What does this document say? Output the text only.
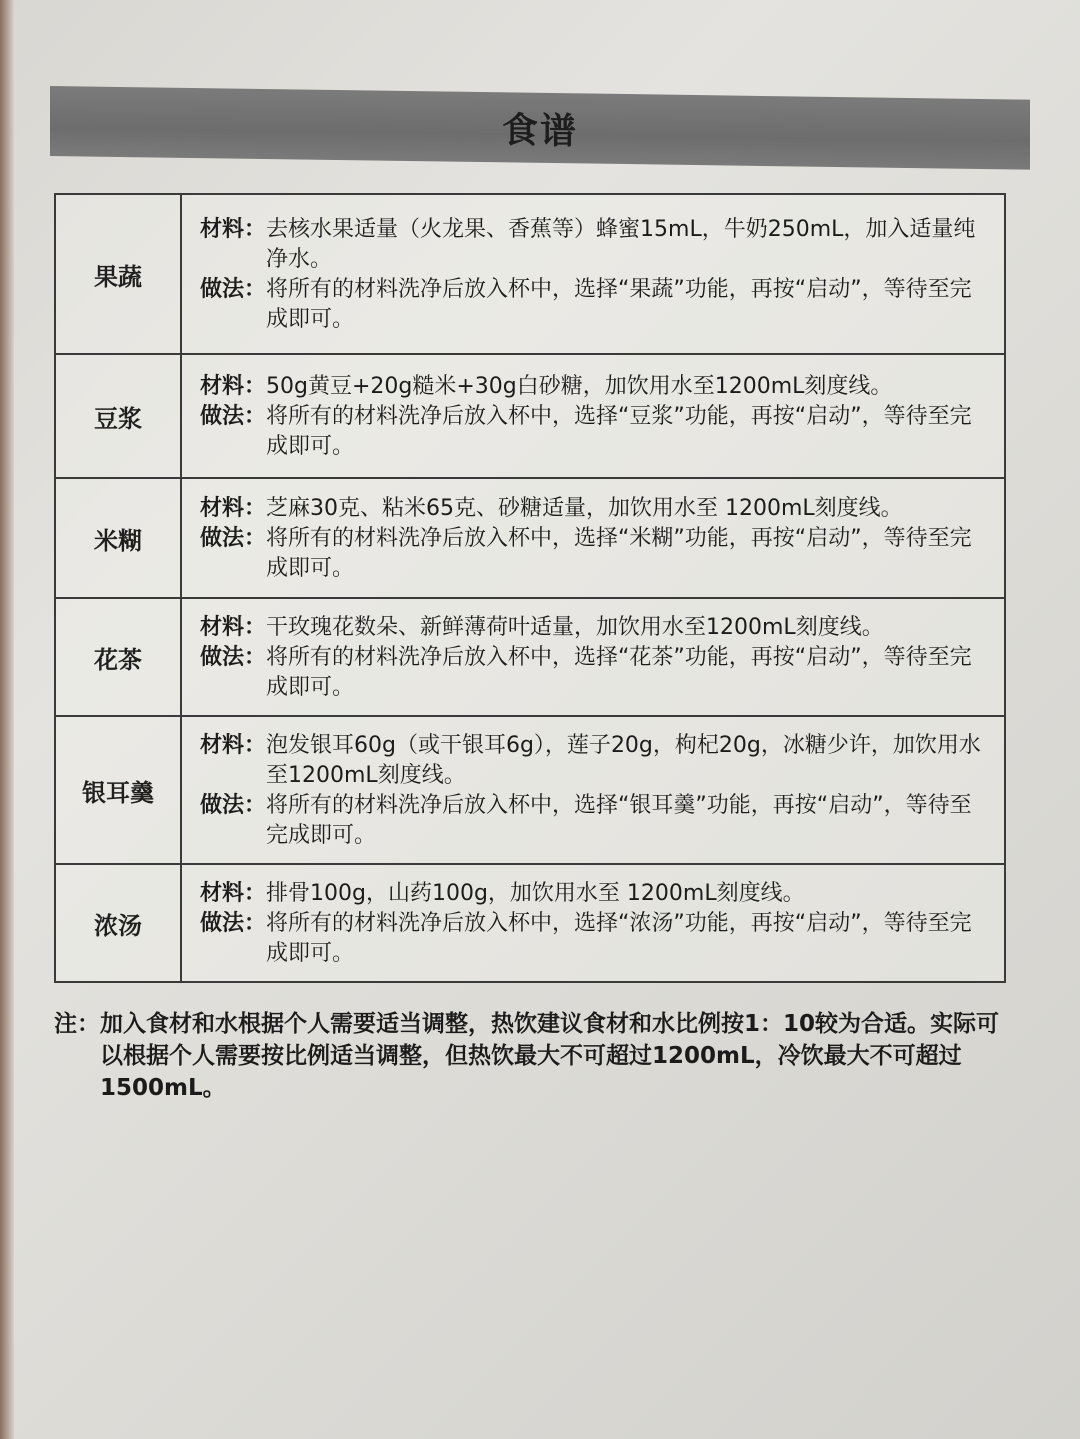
食谱
果蔬	材料： 去核水果适量（火龙果、香蕉等）蜂蜜15mL，牛奶250mL，加入适量纯净水。
做法： 将所有的材料洗净后放入杯中，选择“果蔬”功能，再按“启动”，等待至完成即可。

豆浆	材料： 50g黄豆+20g糙米+30g白砂糖，加饮用水至1200mL刻度线。
做法： 将所有的材料洗净后放入杯中，选择“豆浆”功能，再按“启动”，等待至完成即可。

米糊	材料： 芝麻30克、粘米65克、砂糖适量，加饮用水至 1200mL刻度线。
做法： 将所有的材料洗净后放入杯中，选择“米糊”功能，再按“启动”，等待至完成即可。

花茶	材料： 干玫瑰花数朵、新鲜薄荷叶适量，加饮用水至1200mL刻度线。
做法： 将所有的材料洗净后放入杯中，选择“花茶”功能，再按“启动”，等待至完成即可。

银耳羹	材料： 泡发银耳60g（或干银耳6g），莲子20g，枸杞20g，冰糖少许，加饮用水至1200mL刻度线。
做法： 将所有的材料洗净后放入杯中，选择“银耳羹”功能，再按“启动”，等待至完成即可。

浓汤	材料： 排骨100g，山药100g，加饮用水至 1200mL刻度线。
做法： 将所有的材料洗净后放入杯中，选择“浓汤”功能，再按“启动”，等待至完成即可。
注： 加入食材和水根据个人需要适当调整，热饮建议食材和水比例按1：10较为合适。实际可以根据个人需要按比例适当调整，但热饮最大不可超过1200mL，冷饮最大不可超过1500mL。
